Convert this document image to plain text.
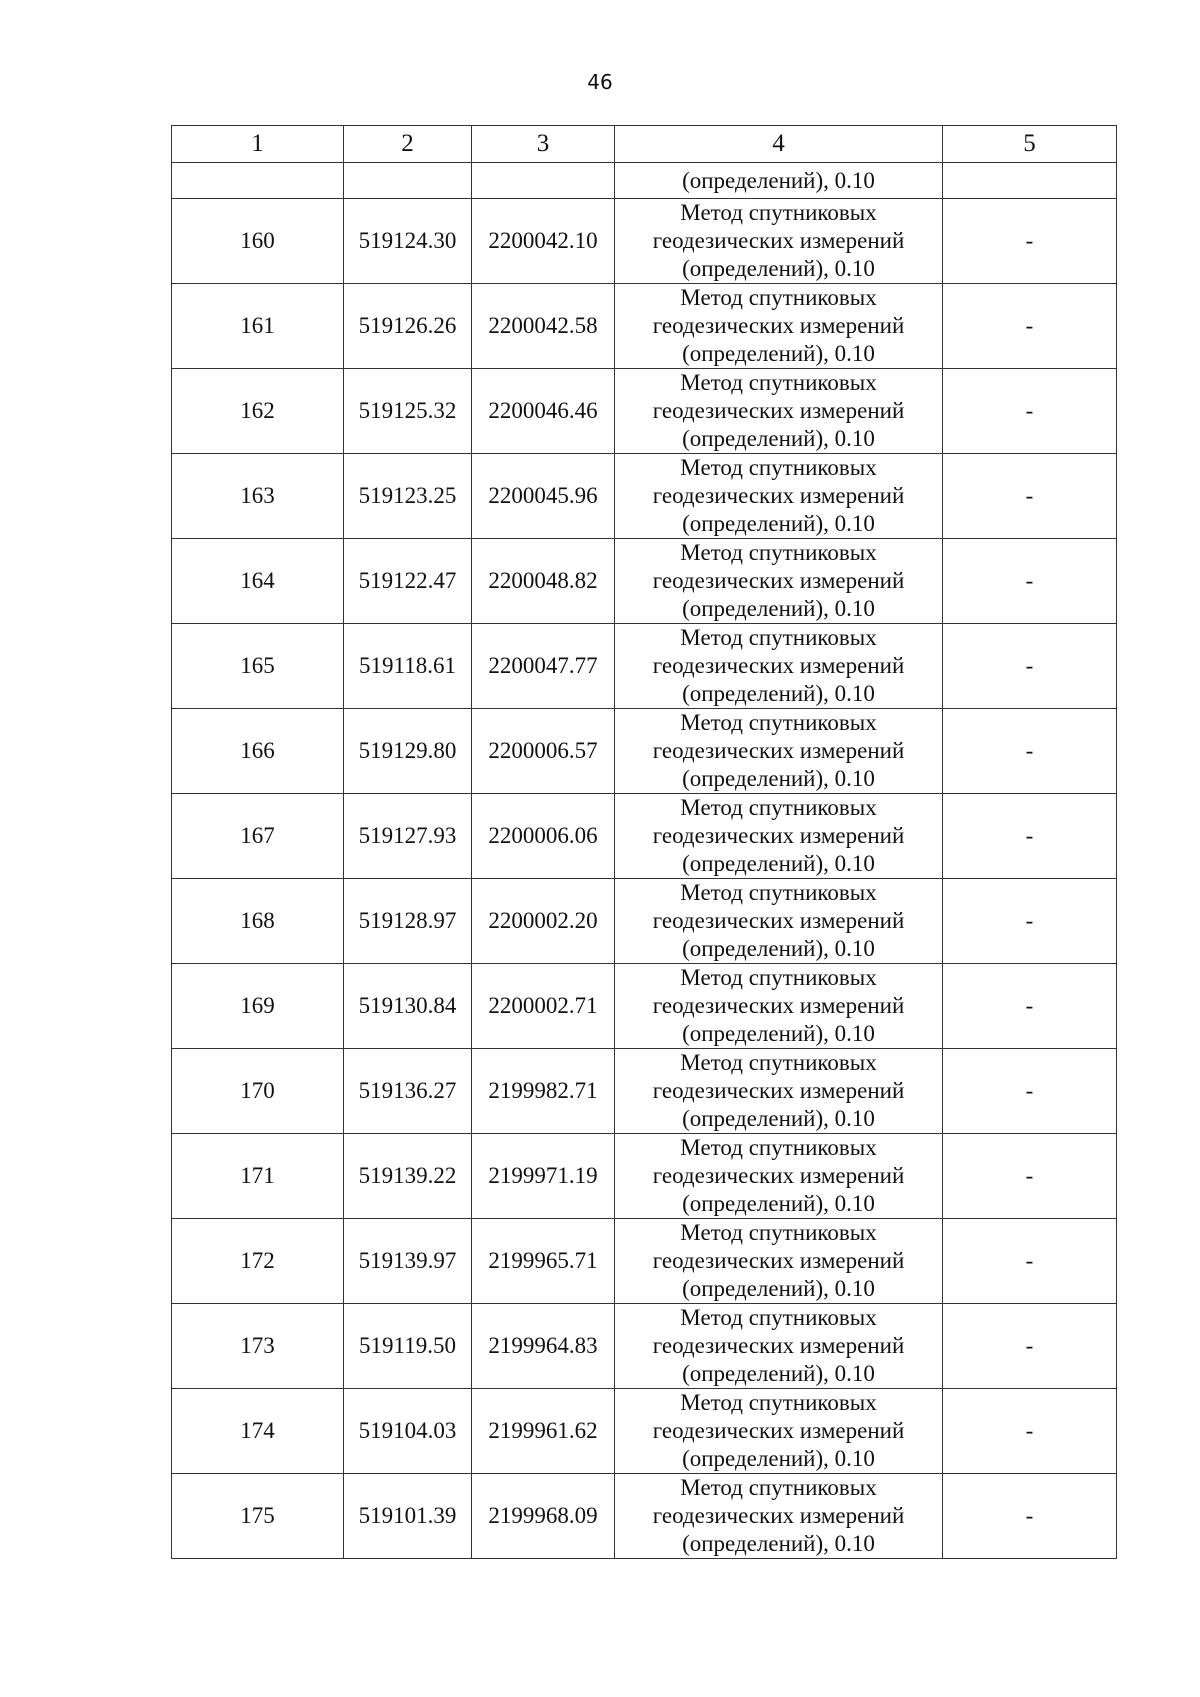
46
1	2	3	4	5
			(определений), 0.10	
160	519124.30	2200042.10	Метод спутниковых
геодезических измерений
(определений), 0.10	-
161	519126.26	2200042.58	Метод спутниковых
геодезических измерений
(определений), 0.10	-
162	519125.32	2200046.46	Метод спутниковых
геодезических измерений
(определений), 0.10	-
163	519123.25	2200045.96	Метод спутниковых
геодезических измерений
(определений), 0.10	-
164	519122.47	2200048.82	Метод спутниковых
геодезических измерений
(определений), 0.10	-
165	519118.61	2200047.77	Метод спутниковых
геодезических измерений
(определений), 0.10	-
166	519129.80	2200006.57	Метод спутниковых
геодезических измерений
(определений), 0.10	-
167	519127.93	2200006.06	Метод спутниковых
геодезических измерений
(определений), 0.10	-
168	519128.97	2200002.20	Метод спутниковых
геодезических измерений
(определений), 0.10	-
169	519130.84	2200002.71	Метод спутниковых
геодезических измерений
(определений), 0.10	-
170	519136.27	2199982.71	Метод спутниковых
геодезических измерений
(определений), 0.10	-
171	519139.22	2199971.19	Метод спутниковых
геодезических измерений
(определений), 0.10	-
172	519139.97	2199965.71	Метод спутниковых
геодезических измерений
(определений), 0.10	-
173	519119.50	2199964.83	Метод спутниковых
геодезических измерений
(определений), 0.10	-
174	519104.03	2199961.62	Метод спутниковых
геодезических измерений
(определений), 0.10	-
175	519101.39	2199968.09	Метод спутниковых
геодезических измерений
(определений), 0.10	-
